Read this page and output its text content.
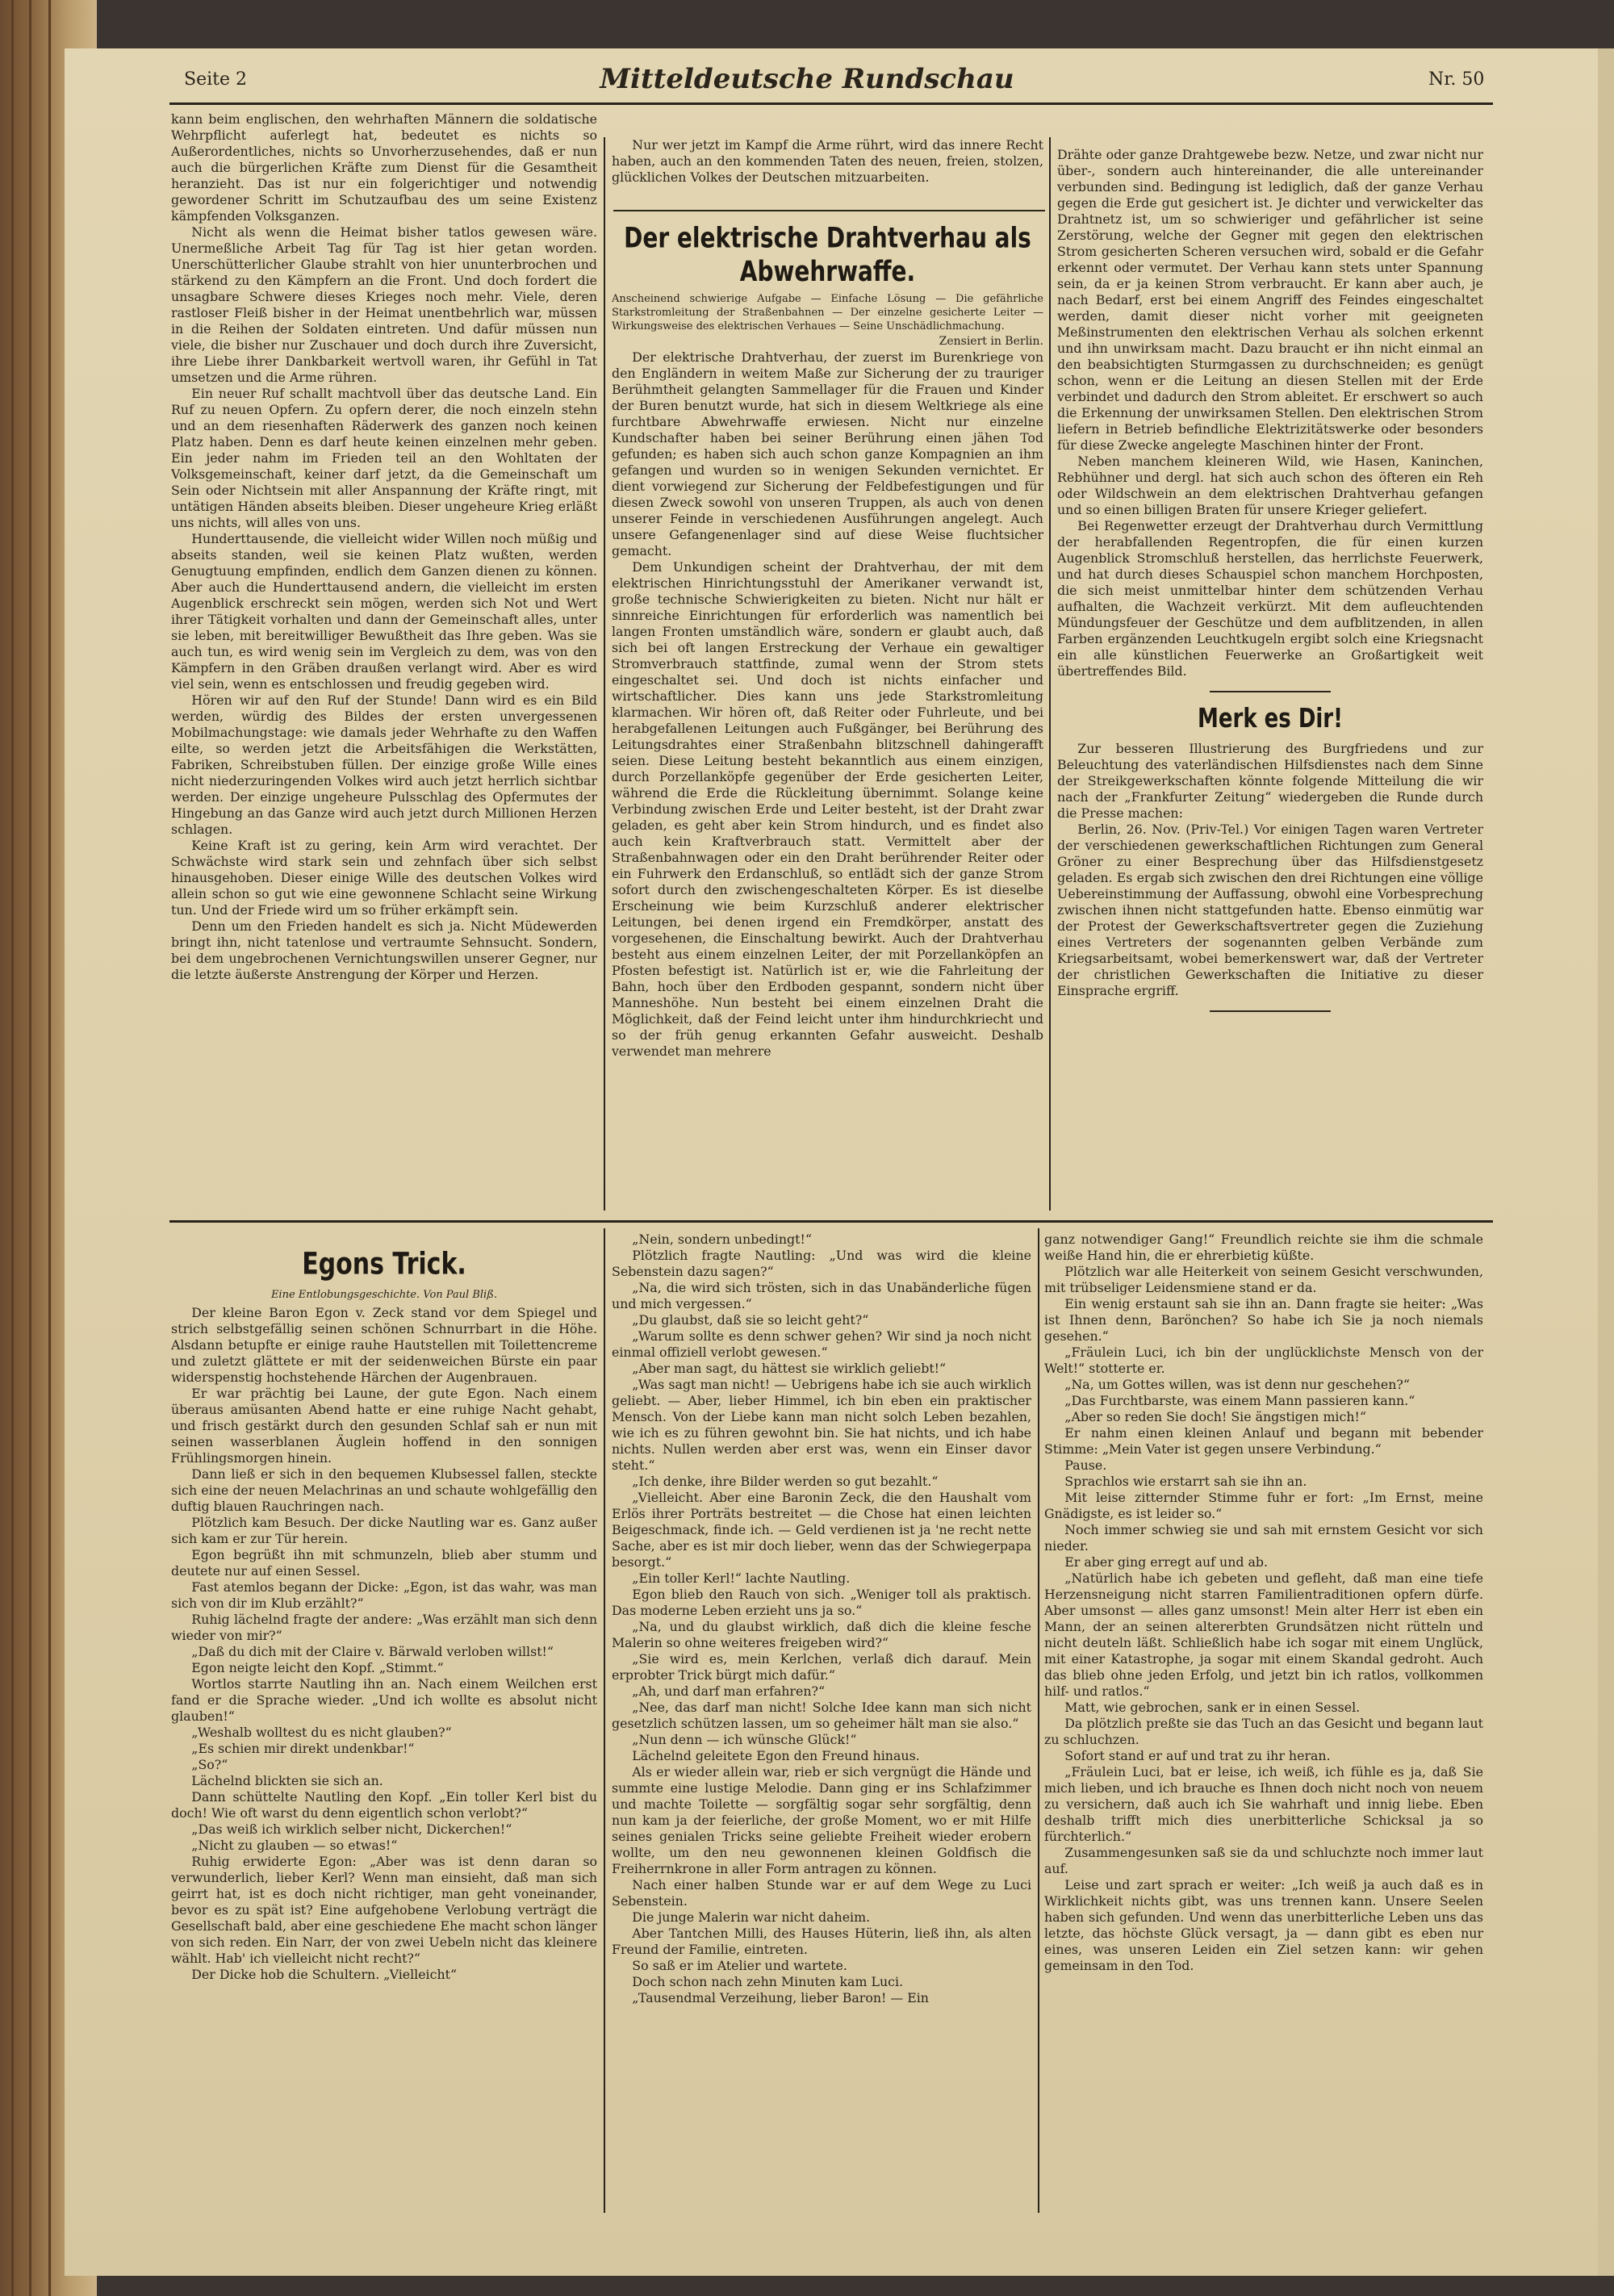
Seite 2	Mitteldeutsche Rundschau	Nr. 50

kann beim englischen, den wehrhaften Männern die soldatische Wehrpflicht auferlegt hat, bedeutet es nichts so Außerordentliches, nichts so Unvorherzusehendes, daß er nun auch die bürgerlichen Kräfte zum Dienst für die Gesamtheit heranzieht. Das ist nur ein folgerichtiger und notwendig gewordener Schritt im Schutzaufbau des um seine Existenz kämpfenden Volksganzen.

Nicht als wenn die Heimat bisher tatlos gewesen wäre. Unermeßliche Arbeit Tag für Tag ist hier getan worden. Unerschütterlicher Glaube strahlt von hier ununterbrochen und stärkend zu den Kämpfern an die Front. Und doch fordert die unsagbare Schwere dieses Krieges noch mehr. Viele, deren rastloser Fleiß bisher in der Heimat unentbehrlich war, müssen in die Reihen der Soldaten eintreten. Und dafür müssen nun viele, die bisher nur Zuschauer und doch durch ihre Zuversicht, ihre Liebe ihrer Dankbarkeit wertvoll waren, ihr Gefühl in Tat umsetzen und die Arme rühren.

Ein neuer Ruf schallt machtvoll über das deutsche Land. Ein Ruf zu neuen Opfern. Zu opfern derer, die noch einzeln stehn und an dem riesenhaften Räderwerk des ganzen noch keinen Platz haben. Denn es darf heute keinen einzelnen mehr geben. Ein jeder nahm im Frieden teil an den Wohltaten der Volksgemeinschaft, keiner darf jetzt, da die Gemeinschaft um Sein oder Nichtsein mit aller Anspannung der Kräfte ringt, mit untätigen Händen abseits bleiben. Dieser ungeheure Krieg erläßt uns nichts, will alles von uns.

Hunderttausende, die vielleicht wider Willen noch müßig und abseits standen, weil sie keinen Platz wußten, werden Genugtuung empfinden, endlich dem Ganzen dienen zu können. Aber auch die Hunderttausend andern, die vielleicht im ersten Augenblick erschreckt sein mögen, werden sich Not und Wert ihrer Tätigkeit vorhalten und dann der Gemeinschaft alles, unter sie leben, mit bereitwilliger Bewußtheit das Ihre geben. Was sie auch tun, es wird wenig sein im Vergleich zu dem, was von den Kämpfern in den Gräben draußen verlangt wird. Aber es wird viel sein, wenn es entschlossen und freudig gegeben wird.

Hören wir auf den Ruf der Stunde! Dann wird es ein Bild werden, würdig des Bildes der ersten unvergessenen Mobilmachungstage: wie damals jeder Wehrhafte zu den Waffen eilte, so werden jetzt die Arbeitsfähigen die Werkstätten, Fabriken, Schreibstuben füllen. Der einzige große Wille eines nicht niederzuringenden Volkes wird auch jetzt herrlich sichtbar werden. Der einzige ungeheure Pulsschlag des Opfermutes der Hingebung an das Ganze wird auch jetzt durch Millionen Herzen schlagen.

Keine Kraft ist zu gering, kein Arm wird verachtet. Der Schwächste wird stark sein und zehnfach über sich selbst hinausgehoben. Dieser einige Wille des deutschen Volkes wird allein schon so gut wie eine gewonnene Schlacht seine Wirkung tun. Und der Friede wird um so früher erkämpft sein.

Denn um den Frieden handelt es sich ja. Nicht Müdewerden bringt ihn, nicht tatenlose und vertraumte Sehnsucht. Sondern, bei dem ungebrochenen Vernichtungswillen unserer Gegner, nur die letzte äußerste Anstrengung der Körper und Herzen.

Nur wer jetzt im Kampf die Arme rührt, wird das innere Recht haben, auch an den kommenden Taten des neuen, freien, stolzen, glücklichen Volkes der Deutschen mitzuarbeiten.

Der elektrische Drahtverhau als Abwehrwaffe.
Anscheinend schwierige Aufgabe — Einfache Lösung — Die gefährliche Starkstromleitung der Straßenbahnen — Der einzelne gesicherte Leiter — Wirkungsweise des elektrischen Verhaues — Seine Unschädlichmachung.
Zensiert in Berlin.

Der elektrische Drahtverhau, der zuerst im Burenkriege von den Engländern in weitem Maße zur Sicherung der zu trauriger Berühmtheit gelangten Sammellager für die Frauen und Kinder der Buren benutzt wurde, hat sich in diesem Weltkriege als eine furchtbare Abwehrwaffe erwiesen. Nicht nur einzelne Kundschafter haben bei seiner Berührung einen jähen Tod gefunden; es haben sich auch schon ganze Kompagnien an ihm gefangen und wurden so in wenigen Sekunden vernichtet. Er dient vorwiegend zur Sicherung der Feldbefestigungen und für diesen Zweck sowohl von unseren Truppen, als auch von denen unserer Feinde in verschiedenen Ausführungen angelegt. Auch unsere Gefangenenlager sind auf diese Weise fluchtsicher gemacht.

Dem Unkundigen scheint der Drahtverhau, der mit dem elektrischen Hinrichtungsstuhl der Amerikaner verwandt ist, große technische Schwierigkeiten zu bieten. Nicht nur hält er sinnreiche Einrichtungen für erforderlich was namentlich bei langen Fronten umständlich wäre, sondern er glaubt auch, daß sich bei oft langen Erstreckung der Verhaue ein gewaltiger Stromverbrauch stattfinde, zumal wenn der Strom stets eingeschaltet sei. Und doch ist nichts einfacher und wirtschaftlicher. Dies kann uns jede Starkstromleitung klarmachen. Wir hören oft, daß Reiter oder Fuhrleute, und bei herabgefallenen Leitungen auch Fußgänger, bei Berührung des Leitungsdrahtes einer Straßenbahn blitzschnell dahingerafft seien. Diese Leitung besteht bekanntlich aus einem einzigen, durch Porzellanköpfe gegenüber der Erde gesicherten Leiter, während die Erde die Rückleitung übernimmt. Solange keine Verbindung zwischen Erde und Leiter besteht, ist der Draht zwar geladen, es geht aber kein Strom hindurch, und es findet also auch kein Kraftverbrauch statt. Vermittelt aber der Straßenbahnwagen oder ein den Draht berührender Reiter oder ein Fuhrwerk den Erdanschluß, so entlädt sich der ganze Strom sofort durch den zwischengeschalteten Körper. Es ist dieselbe Erscheinung wie beim Kurzschluß anderer elektrischer Leitungen, bei denen irgend ein Fremdkörper, anstatt des vorgesehenen, die Einschaltung bewirkt. Auch der Drahtverhau besteht aus einem einzelnen Leiter, der mit Porzellanköpfen an Pfosten befestigt ist. Natürlich ist er, wie die Fahrleitung der Bahn, hoch über den Erdboden gespannt, sondern nicht über Manneshöhe. Nun besteht bei einem einzelnen Draht die Möglichkeit, daß der Feind leicht unter ihm hindurchkriecht und so der früh genug erkannten Gefahr ausweicht. Deshalb verwendet man mehrere

Drähte oder ganze Drahtgewebe bezw. Netze, und zwar nicht nur über-, sondern auch hintereinander, die alle untereinander verbunden sind. Bedingung ist lediglich, daß der ganze Verhau gegen die Erde gut gesichert ist. Je dichter und verwickelter das Drahtnetz ist, um so schwieriger und gefährlicher ist seine Zerstörung, welche der Gegner mit gegen den elektrischen Strom gesicherten Scheren versuchen wird, sobald er die Gefahr erkennt oder vermutet. Der Verhau kann stets unter Spannung sein, da er ja keinen Strom verbraucht. Er kann aber auch, je nach Bedarf, erst bei einem Angriff des Feindes eingeschaltet werden, damit dieser nicht vorher mit geeigneten Meßinstrumenten den elektrischen Verhau als solchen erkennt und ihn unwirksam macht. Dazu braucht er ihn nicht einmal an den beabsichtigten Sturmgassen zu durchschneiden; es genügt schon, wenn er die Leitung an diesen Stellen mit der Erde verbindet und dadurch den Strom ableitet. Er erschwert so auch die Erkennung der unwirksamen Stellen. Den elektrischen Strom liefern in Betrieb befindliche Elektrizitätswerke oder besonders für diese Zwecke angelegte Maschinen hinter der Front.

Neben manchem kleineren Wild, wie Hasen, Kaninchen, Rebhühner und dergl. hat sich auch schon des öfteren ein Reh oder Wildschwein an dem elektrischen Drahtverhau gefangen und so einen billigen Braten für unsere Krieger geliefert.

Bei Regenwetter erzeugt der Drahtverhau durch Vermittlung der herabfallenden Regentropfen, die für einen kurzen Augenblick Stromschluß herstellen, das herrlichste Feuerwerk, und hat durch dieses Schauspiel schon manchem Horchposten, die sich meist unmittelbar hinter dem schützenden Verhau aufhalten, die Wachzeit verkürzt. Mit dem aufleuchtenden Mündungsfeuer der Geschütze und dem aufblitzenden, in allen Farben ergänzenden Leuchtkugeln ergibt solch eine Kriegsnacht ein alle künstlichen Feuerwerke an Großartigkeit weit übertreffendes Bild.

Merk es Dir!

Zur besseren Illustrierung des Burgfriedens und zur Beleuchtung des vaterländischen Hilfsdienstes nach dem Sinne der Streikgewerkschaften könnte folgende Mitteilung die wir nach der „Frankfurter Zeitung“ wiedergeben die Runde durch die Presse machen:

Berlin, 26. Nov. (Priv-Tel.) Vor einigen Tagen waren Vertreter der verschiedenen gewerkschaftlichen Richtungen zum General Gröner zu einer Besprechung über das Hilfsdienstgesetz geladen. Es ergab sich zwischen den drei Richtungen eine völlige Uebereinstimmung der Auffassung, obwohl eine Vorbesprechung zwischen ihnen nicht stattgefunden hatte. Ebenso einmütig war der Protest der Gewerkschaftsvertreter gegen die Zuziehung eines Vertreters der sogenannten gelben Verbände zum Kriegsarbeitsamt, wobei bemerkenswert war, daß der Vertreter der christlichen Gewerkschaften die Initiative zu dieser Einsprache ergriff.

Egons Trick.
Eine Entlobungsgeschichte. Von Paul Bliß.

Der kleine Baron Egon v. Zeck stand vor dem Spiegel und strich selbstgefällig seinen schönen Schnurrbart in die Höhe. Alsdann betupfte er einige rauhe Hautstellen mit Toilettencreme und zuletzt glättete er mit der seidenweichen Bürste ein paar widerspenstig hochstehende Härchen der Augenbrauen.

Er war prächtig bei Laune, der gute Egon. Nach einem überaus amüsanten Abend hatte er eine ruhige Nacht gehabt, und frisch gestärkt durch den gesunden Schlaf sah er nun mit seinen wasserblanen Äuglein hoffend in den sonnigen Frühlingsmorgen hinein.

Dann ließ er sich in den bequemen Klubsessel fallen, steckte sich eine der neuen Melachrinas an und schaute wohlgefällig den duftig blauen Rauchringen nach.

Plötzlich kam Besuch. Der dicke Nautling war es. Ganz außer sich kam er zur Tür herein.

Egon begrüßt ihn mit schmunzeln, blieb aber stumm und deutete nur auf einen Sessel.

Fast atemlos begann der Dicke: „Egon, ist das wahr, was man sich von dir im Klub erzählt?“

Ruhig lächelnd fragte der andere: „Was erzählt man sich denn wieder von mir?“

„Daß du dich mit der Claire v. Bärwald verloben willst!“

Egon neigte leicht den Kopf. „Stimmt.“

Wortlos starrte Nautling ihn an. Nach einem Weilchen erst fand er die Sprache wieder. „Und ich wollte es absolut nicht glauben!“

„Weshalb wolltest du es nicht glauben?“

„Es schien mir direkt undenkbar!“

„So?“

Lächelnd blickten sie sich an.

Dann schüttelte Nautling den Kopf. „Ein toller Kerl bist du doch! Wie oft warst du denn eigentlich schon verlobt?“

„Das weiß ich wirklich selber nicht, Dickerchen!“

„Nicht zu glauben — so etwas!“

Ruhig erwiderte Egon: „Aber was ist denn daran so verwunderlich, lieber Kerl? Wenn man einsieht, daß man sich geirrt hat, ist es doch nicht richtiger, man geht voneinander, bevor es zu spät ist? Eine aufgehobene Verlobung verträgt die Gesellschaft bald, aber eine geschiedene Ehe macht schon länger von sich reden. Ein Narr, der von zwei Uebeln nicht das kleinere wählt. Hab' ich vielleicht nicht recht?“

Der Dicke hob die Schultern. „Vielleicht“

„Nein, sondern unbedingt!“

Plötzlich fragte Nautling: „Und was wird die kleine Sebenstein dazu sagen?“

„Na, die wird sich trösten, sich in das Unabänderliche fügen und mich vergessen.“

„Du glaubst, daß sie so leicht geht?“

„Warum sollte es denn schwer gehen? Wir sind ja noch nicht einmal offiziell verlobt gewesen.“

„Aber man sagt, du hättest sie wirklich geliebt!“

„Was sagt man nicht! — Uebrigens habe ich sie auch wirklich geliebt. — Aber, lieber Himmel, ich bin eben ein praktischer Mensch. Von der Liebe kann man nicht solch Leben bezahlen, wie ich es zu führen gewohnt bin. Sie hat nichts, und ich habe nichts. Nullen werden aber erst was, wenn ein Einser davor steht.“

„Ich denke, ihre Bilder werden so gut bezahlt.“

„Vielleicht. Aber eine Baronin Zeck, die den Haushalt vom Erlös ihrer Porträts bestreitet — die Chose hat einen leichten Beigeschmack, finde ich. — Geld verdienen ist ja 'ne recht nette Sache, aber es ist mir doch lieber, wenn das der Schwiegerpapa besorgt.“

„Ein toller Kerl!“ lachte Nautling.

Egon blieb den Rauch von sich. „Weniger toll als praktisch. Das moderne Leben erzieht uns ja so.“

„Na, und du glaubst wirklich, daß dich die kleine fesche Malerin so ohne weiteres freigeben wird?“

„Sie wird es, mein Kerlchen, verlaß dich darauf. Mein erprobter Trick bürgt mich dafür.“

„Ah, und darf man erfahren?“

„Nee, das darf man nicht! Solche Idee kann man sich nicht gesetzlich schützen lassen, um so geheimer hält man sie also.“

„Nun denn — ich wünsche Glück!“

Lächelnd geleitete Egon den Freund hinaus.

Als er wieder allein war, rieb er sich vergnügt die Hände und summte eine lustige Melodie. Dann ging er ins Schlafzimmer und machte Toilette — sorgfältig sogar sehr sorgfältig, denn nun kam ja der feierliche, der große Moment, wo er mit Hilfe seines genialen Tricks seine geliebte Freiheit wieder erobern wollte, um den neu gewonnenen kleinen Goldfisch die Freiherrnkrone in aller Form antragen zu können.

Nach einer halben Stunde war er auf dem Wege zu Luci Sebenstein.

Die junge Malerin war nicht daheim.

Aber Tantchen Milli, des Hauses Hüterin, ließ ihn, als alten Freund der Familie, eintreten.

So saß er im Atelier und wartete.

Doch schon nach zehn Minuten kam Luci.

„Tausendmal Verzeihung, lieber Baron! — Ein

ganz notwendiger Gang!“ Freundlich reichte sie ihm die schmale weiße Hand hin, die er ehrerbietig küßte.

Plötzlich war alle Heiterkeit von seinem Gesicht verschwunden, mit trübseliger Leidensmiene stand er da.

Ein wenig erstaunt sah sie ihn an. Dann fragte sie heiter: „Was ist Ihnen denn, Barönchen? So habe ich Sie ja noch niemals gesehen.“

„Fräulein Luci, ich bin der unglücklichste Mensch von der Welt!“ stotterte er.

„Na, um Gottes willen, was ist denn nur geschehen?“

„Das Furchtbarste, was einem Mann passieren kann.“

„Aber so reden Sie doch! Sie ängstigen mich!“

Er nahm einen kleinen Anlauf und begann mit bebender Stimme: „Mein Vater ist gegen unsere Verbindung.“

Pause.

Sprachlos wie erstarrt sah sie ihn an.

Mit leise zitternder Stimme fuhr er fort: „Im Ernst, meine Gnädigste, es ist leider so.“

Noch immer schwieg sie und sah mit ernstem Gesicht vor sich nieder.

Er aber ging erregt auf und ab.

„Natürlich habe ich gebeten und gefleht, daß man eine tiefe Herzensneigung nicht starren Familientraditionen opfern dürfe. Aber umsonst — alles ganz umsonst! Mein alter Herr ist eben ein Mann, der an seinen altererbten Grundsätzen nicht rütteln und nicht deuteln läßt. Schließlich habe ich sogar mit einem Unglück, mit einer Katastrophe, ja sogar mit einem Skandal gedroht. Auch das blieb ohne jeden Erfolg, und jetzt bin ich ratlos, vollkommen hilf- und ratlos.“

Matt, wie gebrochen, sank er in einen Sessel.

Da plötzlich preßte sie das Tuch an das Gesicht und begann laut zu schluchzen.

Sofort stand er auf und trat zu ihr heran.

„Fräulein Luci, bat er leise, ich weiß, ich fühle es ja, daß Sie mich lieben, und ich brauche es Ihnen doch nicht noch von neuem zu versichern, daß auch ich Sie wahrhaft und innig liebe. Eben deshalb trifft mich dies unerbitterliche Schicksal ja so fürchterlich.“

Zusammengesunken saß sie da und schluchzte noch immer laut auf.

Leise und zart sprach er weiter: „Ich weiß ja auch daß es in Wirklichkeit nichts gibt, was uns trennen kann. Unsere Seelen haben sich gefunden. Und wenn das unerbitterliche Leben uns das letzte, das höchste Glück versagt, ja — dann gibt es eben nur eines, was unseren Leiden ein Ziel setzen kann: wir gehen gemeinsam in den Tod.
